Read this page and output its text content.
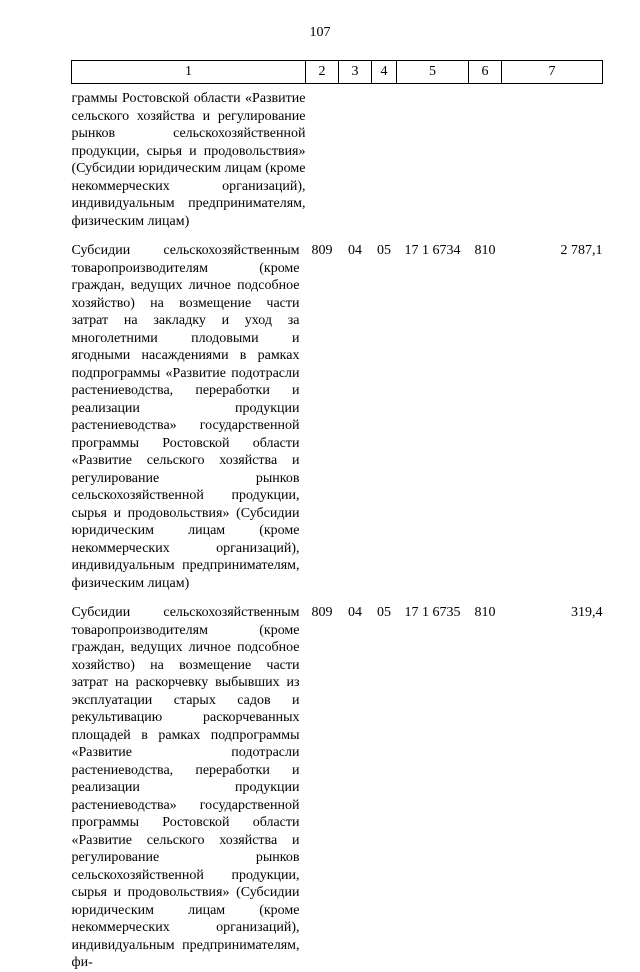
107
1	2	3	4	5	6	7
граммы Ростовской области «Развитие сельского хозяйства и регулирование рынков сельскохозяйственной продукции, сырья и продовольствия» (Субсидии юридическим лицам (кроме некоммерческих организаций), индивидуальным предпринимателям, физическим лицам)						
Субсидии сельскохозяйственным товаропроизводителям (кроме граждан, ведущих личное подсобное хозяйство) на возмещение части затрат на закладку и уход за многолетними плодовыми и ягодными насаждениями в рамках подпрограммы «Развитие подотрасли растениеводства, переработки и реализации продукции растениеводства» государственной программы Ростовской области «Развитие сельского хозяйства и регулирование рынков сельскохозяйственной продукции, сырья и продовольствия» (Субсидии юридическим лицам (кроме некоммерческих организаций), индивидуальным предпринимателям, физическим лицам)	809	04	05	17 1 6734	810	2 787,1
Субсидии сельскохозяйственным товаропроизводителям (кроме граждан, ведущих личное подсобное хозяйство) на возмещение части затрат на раскорчевку выбывших из эксплуатации старых садов и рекультивацию раскорчеванных площадей в рамках подпрограммы «Развитие подотрасли растениеводства, переработки и реализации продукции растениеводства» государственной программы Ростовской области «Развитие сельского хозяйства и регулирование рынков сельскохозяйственной продукции, сырья и продовольствия» (Субсидии юридическим лицам (кроме некоммерческих организаций), индивидуальным предпринимателям, фи-	809	04	05	17 1 6735	810	319,4
